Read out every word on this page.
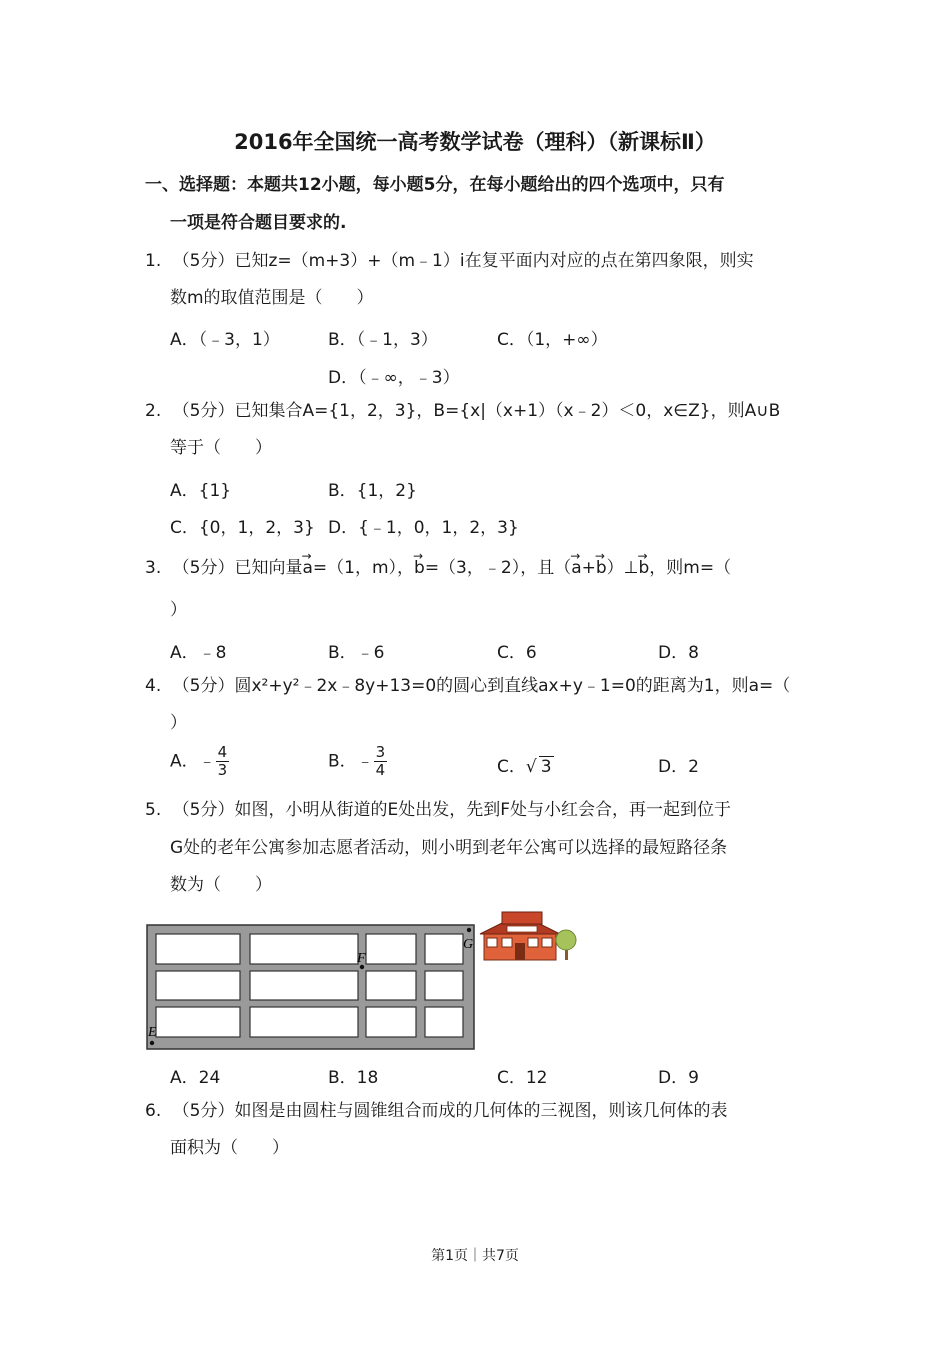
2016年全国统一高考数学试卷（理科）（新课标Ⅱ）
一、选择题：本题共12小题，每小题5分，在每小题给出的四个选项中，只有
一项是符合题目要求的.
1. （5分）已知z=（m+3）+（m﹣1）i在复平面内对应的点在第四象限，则实
数m的取值范围是（　　）
A．（﹣3，1）	B．（﹣1，3）	C．（1，+∞）
D．（﹣∞，﹣3）
2. （5分）已知集合A={1，2，3}，B={x|（x+1）（x﹣2）＜0，x∈Z}，则A∪B
等于（　　）
A．{1}	B．{1，2}
C．{0，1，2，3} D．{﹣1，0，1，2，3}
3. （5分）已知向量→ a=（1，m），→ b=（3，﹣2），且（→ a+→ b）⊥→ b，则m=（
）
A．﹣8	B．﹣6	C．6	D．8
4. （5分）圆x²+y²﹣2x﹣8y+13=0的圆心到直线ax+y﹣1=0的距离为1，则a=（
）
A．﹣ $\frac{4}{3}$	B．﹣ $\frac{3}{4}$	C．√ 3	D．2
5. （5分）如图，小明从街道的E处出发，先到F处与小红会合，再一起到位于
G处的老年公寓参加志愿者活动，则小明到老年公寓可以选择的最短路径条
数为（　　）
E
F
G
A．24	B．18	C．12	D．9
6. （5分）如图是由圆柱与圆锥组合而成的几何体的三视图，则该几何体的表
面积为（　　）
第1页｜共7页
